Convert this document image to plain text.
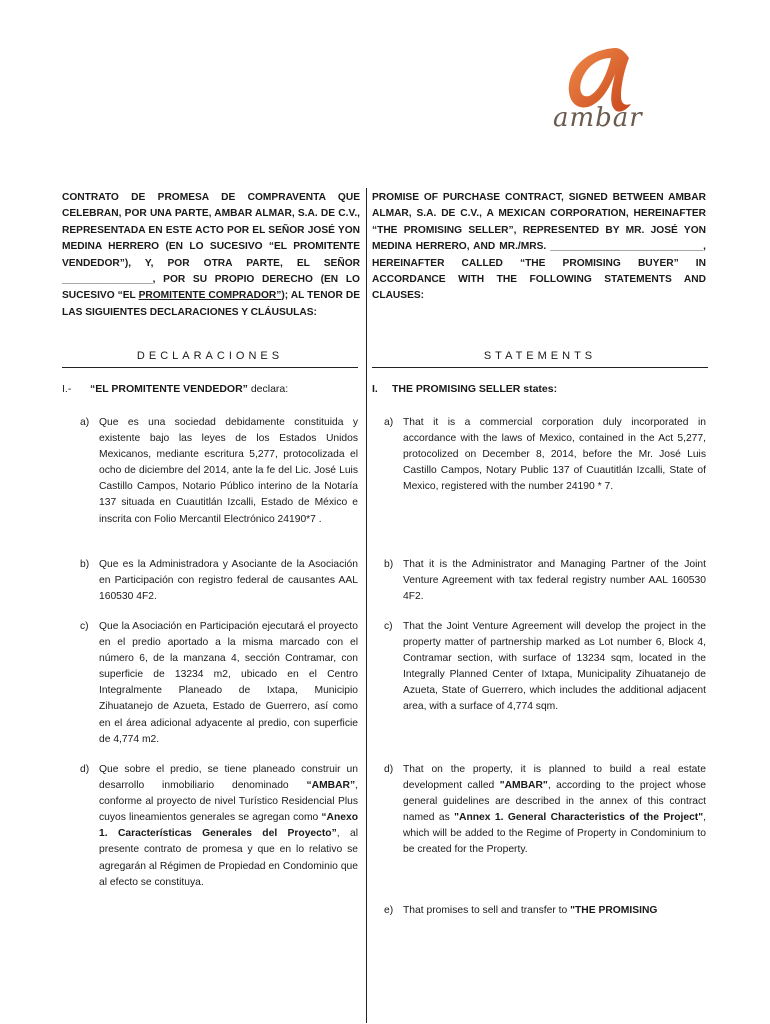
ambar
CONTRATO DE PROMESA DE COMPRAVENTA QUE CELEBRAN, POR UNA PARTE, AMBAR ALMAR, S.A. DE C.V., REPRESENTADA EN ESTE ACTO POR EL SEÑOR JOSÉ YON MEDINA HERRERO (EN LO SUCESIVO “EL PROMITENTE VENDEDOR”), Y, POR OTRA PARTE, EL SEÑOR ________________, POR SU PROPIO DERECHO (EN LO SUCESIVO “EL PROMITENTE COMPRADOR”); AL TENOR DE LAS SIGUIENTES DECLARACIONES Y CLÁUSULAS:
PROMISE OF PURCHASE CONTRACT, SIGNED BETWEEN AMBAR ALMAR, S.A. DE C.V., A MEXICAN CORPORATION, HEREINAFTER “THE PROMISING SELLER”, REPRESENTED BY MR. JOSÉ YON MEDINA HERRERO, AND MR./MRS. ___________________________, HEREINAFTER CALLED “THE PROMISING BUYER” IN ACCORDANCE WITH THE FOLLOWING STATEMENTS AND CLAUSES:
DECLARACIONES	STATEMENTS
I.- “EL PROMITENTE VENDEDOR” declara:	I. THE PROMISING SELLER states:
a) Que es una sociedad debidamente constituida y existente bajo las leyes de los Estados Unidos Mexicanos, mediante escritura 5,277, protocolizada el ocho de diciembre del 2014, ante la fe del Lic. José Luis Castillo Campos, Notario Público interino de la Notaría 137 situada en Cuautitlán Izcalli, Estado de México e inscrita con Folio Mercantil Electrónico 24190*7 .
b) Que es la Administradora y Asociante de la Asociación en Participación con registro federal de causantes AAL 160530 4F2.
c) Que la Asociación en Participación ejecutará el proyecto en el predio aportado a la misma marcado con el número 6, de la manzana 4, sección Contramar, con superficie de 13234 m2, ubicado en el Centro Integralmente Planeado de Ixtapa, Municipio Zihuatanejo de Azueta, Estado de Guerrero, así como en el área adicional adyacente al predio, con superficie de 4,774 m2.
d) Que sobre el predio, se tiene planeado construir un desarrollo inmobiliario denominado “AMBAR”, conforme al proyecto de nivel Turístico Residencial Plus cuyos lineamientos generales se agregan como “Anexo 1. Características Generales del Proyecto”, al presente contrato de promesa y que en lo relativo se agregarán al Régimen de Propiedad en Condominio que al efecto se constituya.
a) That it is a commercial corporation duly incorporated in accordance with the laws of Mexico, contained in the Act 5,277, protocolized on December 8, 2014, before the Mr. José Luis Castillo Campos, Notary Public 137 of Cuautitlán Izcalli, State of Mexico, registered with the number 24190 * 7.
b) That it is the Administrator and Managing Partner of the Joint Venture Agreement with tax federal registry number AAL 160530 4F2.
c) That the Joint Venture Agreement will develop the project in the property matter of partnership marked as Lot number 6, Block 4, Contramar section, with surface of 13234 sqm, located in the Integrally Planned Center of Ixtapa, Municipality Zihuatanejo de Azueta, State of Guerrero, which includes the additional adjacent area, with a surface of 4,774 sqm.
d) That on the property, it is planned to build a real estate development called "AMBAR", according to the project whose general guidelines are described in the annex of this contract named as "Annex 1. General Characteristics of the Project", which will be added to the Regime of Property in Condominium to be created for the Property.
e) That promises to sell and transfer to "THE PROMISING
